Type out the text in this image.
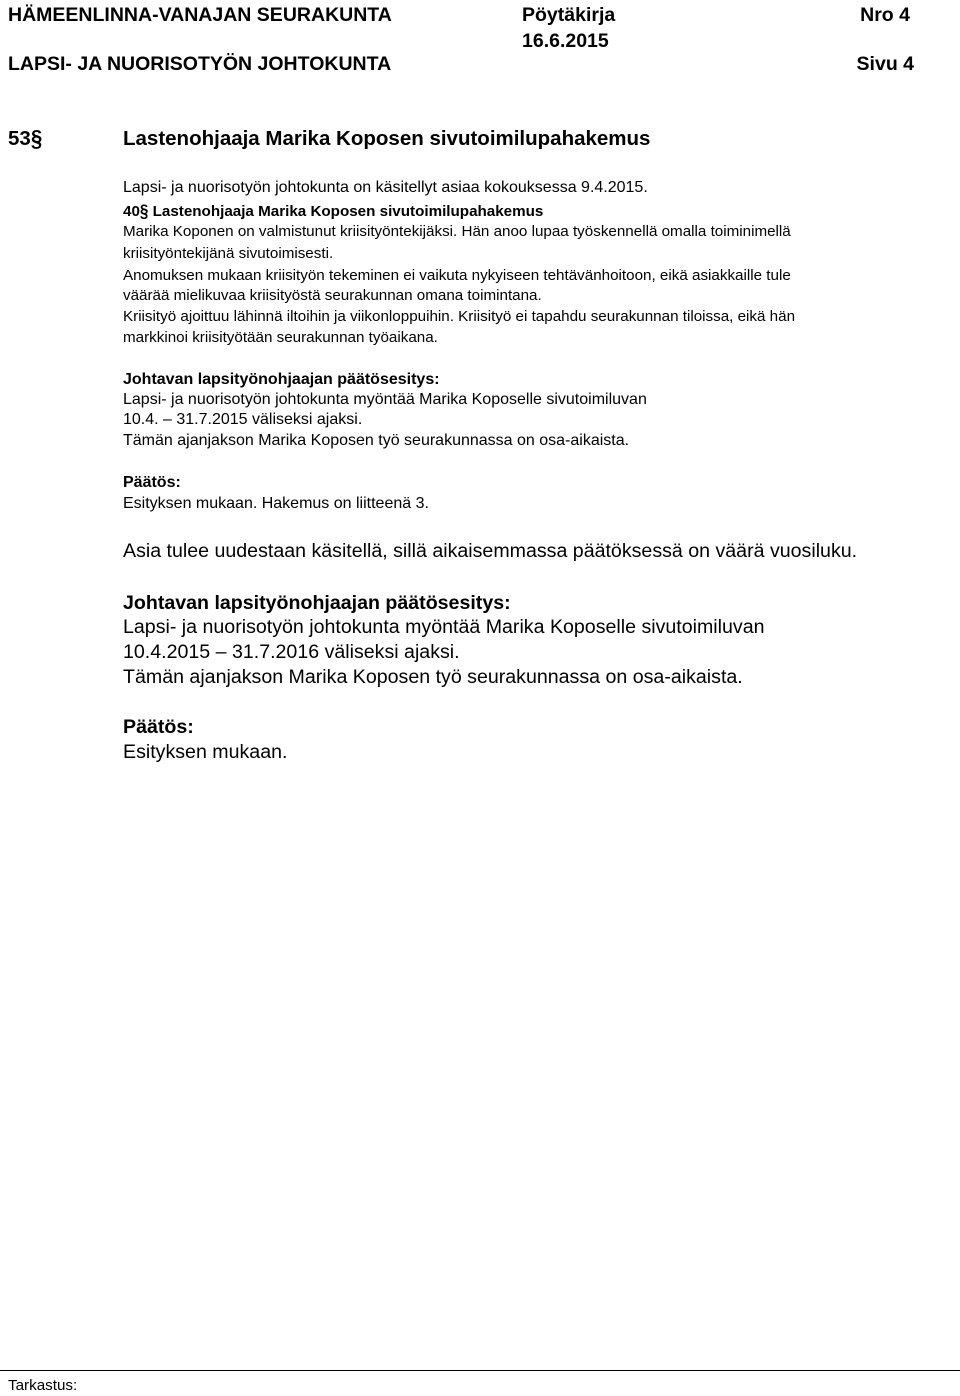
HÄMEENLINNA-VANAJAN SEURAKUNTA	Pöytäkirja
16.6.2015
Nro 4
LAPSI- JA NUORISOTYÖN JOHTOKUNTA	Sivu 4
53§	Lastenohjaaja Marika Koposen sivutoimilupahakemus
Lapsi- ja nuorisotyön johtokunta on käsitellyt asiaa kokouksessa 9.4.2015.
40§ Lastenohjaaja Marika Koposen sivutoimilupahakemus
Marika Koponen on valmistunut kriisityöntekijäksi. Hän anoo lupaa työskennellä omalla toiminimellä
kriisityöntekijänä sivutoimisesti.
Anomuksen mukaan kriisityön tekeminen ei vaikuta nykyiseen tehtävänhoitoon, eikä asiakkaille tule
väärää mielikuvaa kriisityöstä seurakunnan omana toimintana.
Kriisityö ajoittuu lähinnä iltoihin ja viikonloppuihin. Kriisityö ei tapahdu seurakunnan tiloissa, eikä hän
markkinoi kriisityötään seurakunnan työaikana.
Johtavan lapsityönohjaajan päätösesitys:
Lapsi- ja nuorisotyön johtokunta myöntää Marika Koposelle sivutoimiluvan
10.4. – 31.7.2015 väliseksi ajaksi.
Tämän ajanjakson Marika Koposen työ seurakunnassa on osa-aikaista.
Päätös:
Esityksen mukaan. Hakemus on liitteenä 3.
Asia tulee uudestaan käsitellä, sillä aikaisemmassa päätöksessä on väärä vuosiluku.
Johtavan lapsityönohjaajan päätösesitys:
Lapsi- ja nuorisotyön johtokunta myöntää Marika Koposelle sivutoimiluvan
10.4.2015 – 31.7.2016 väliseksi ajaksi.
Tämän ajanjakson Marika Koposen työ seurakunnassa on osa-aikaista.
Päätös:
Esityksen mukaan.
Tarkastus:
